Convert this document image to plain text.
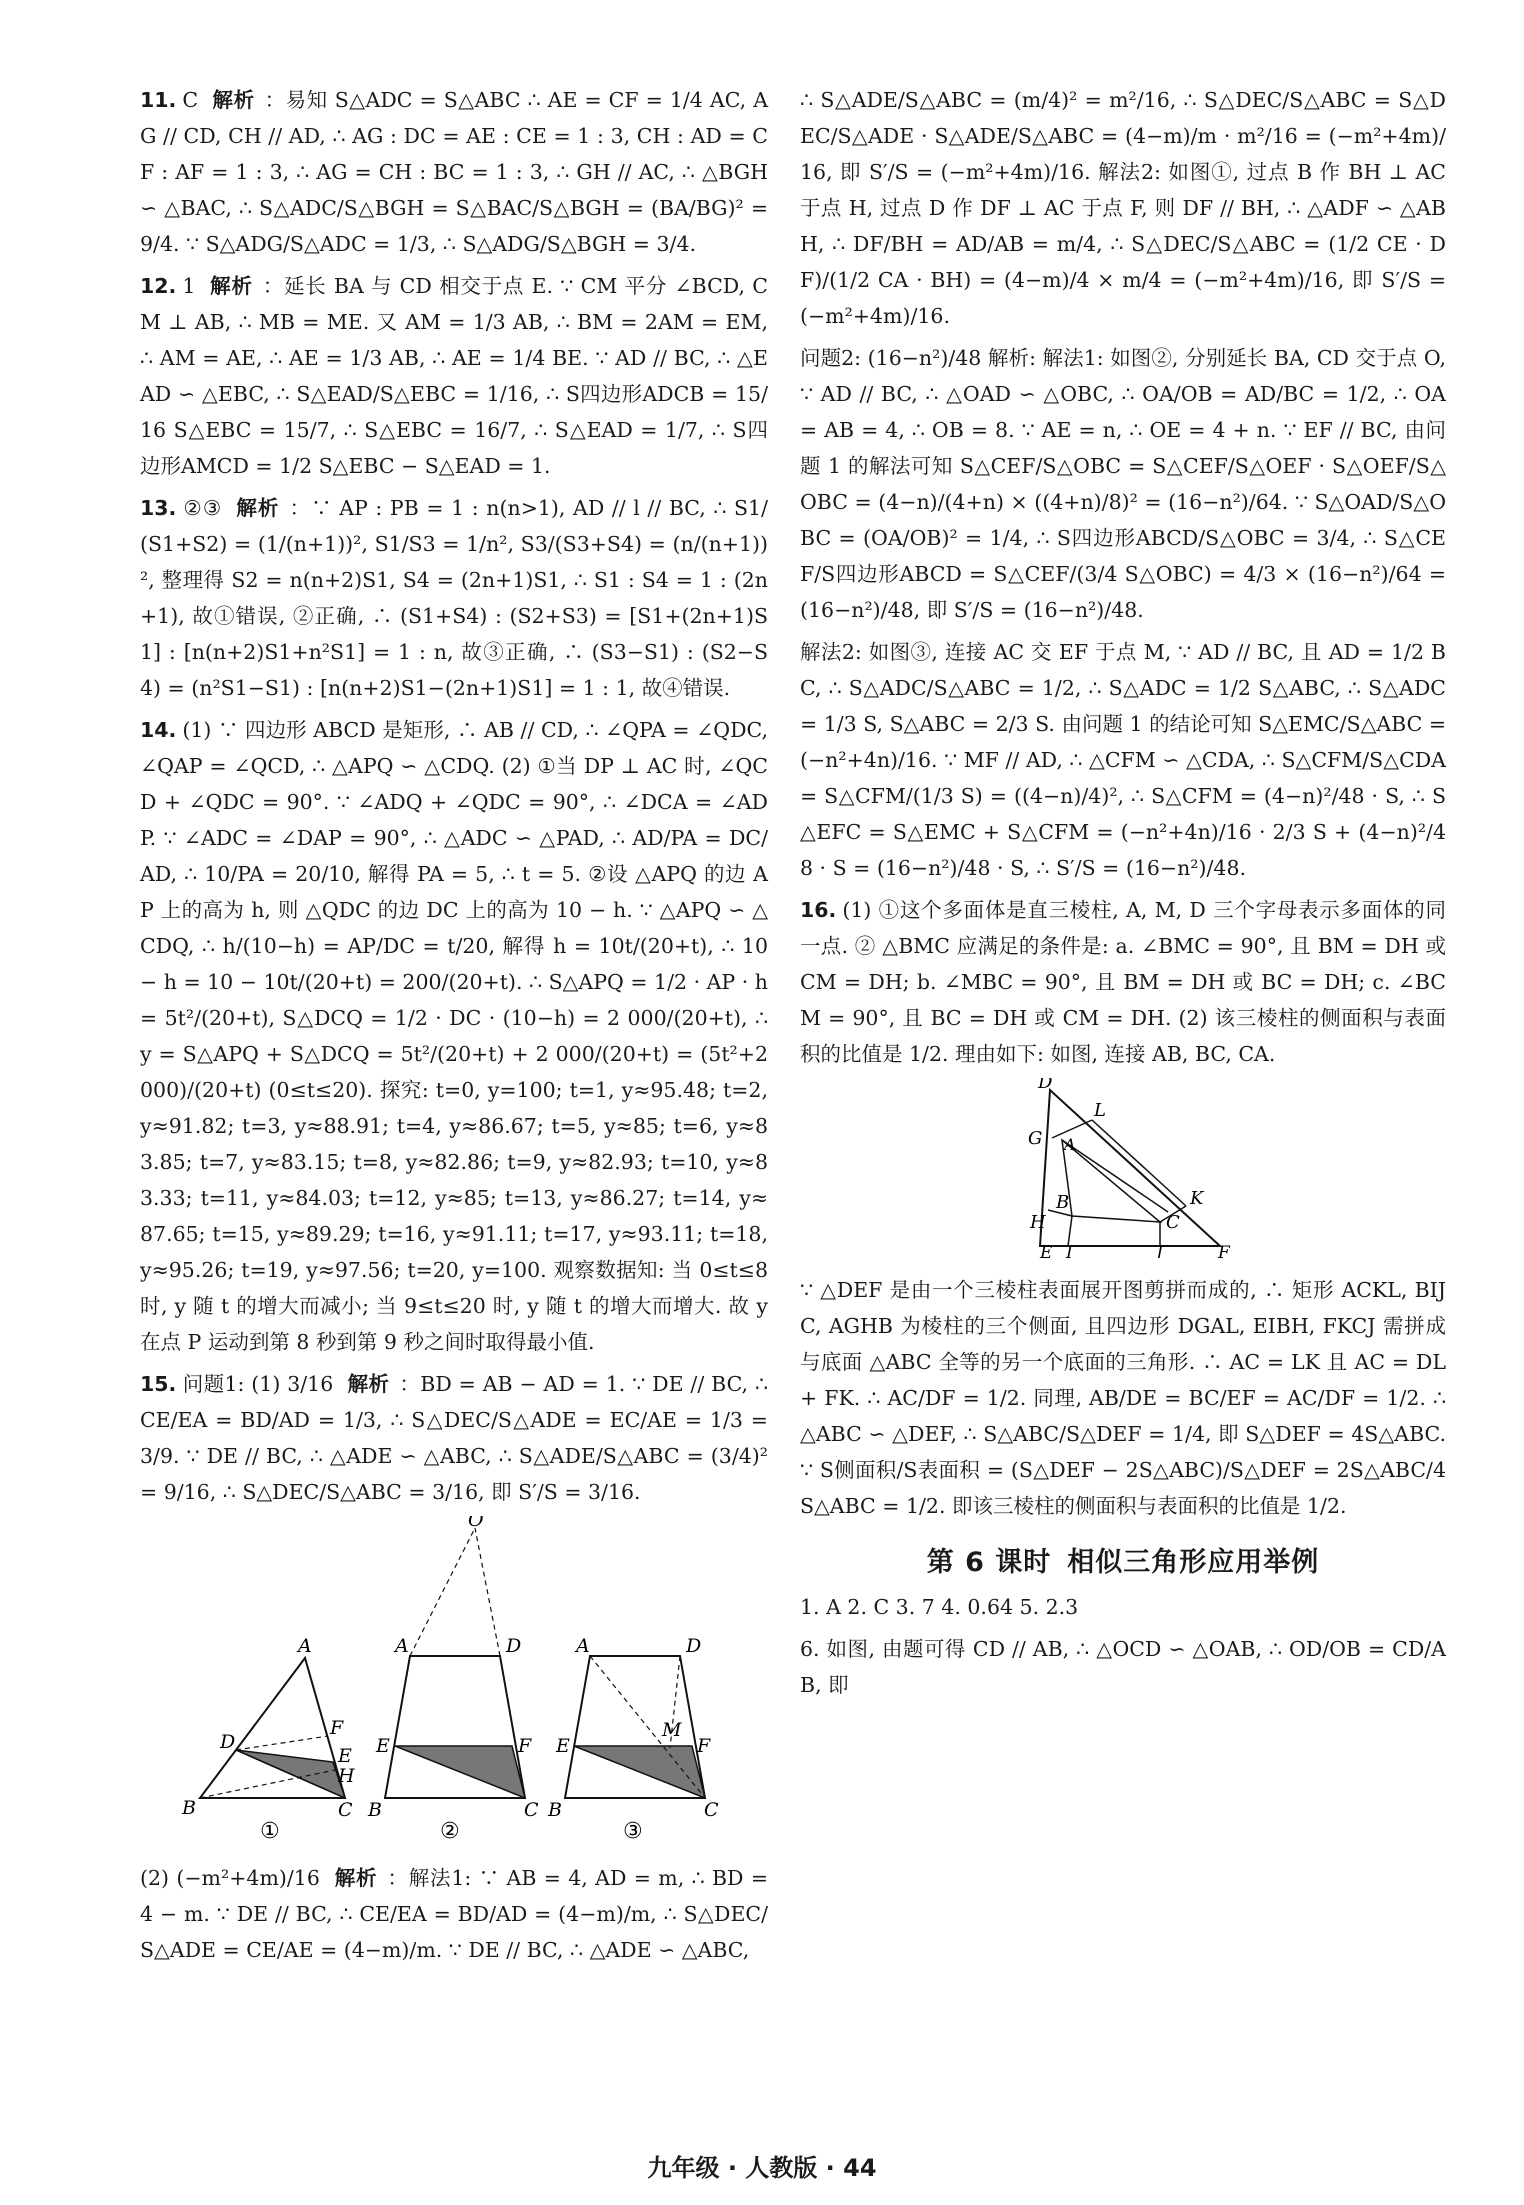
11. C 解析 ：易知 S△ADC = S△ABC ∴ AE = CF = 1/4 AC, AG // CD, CH // AD, ∴ AG : DC = AE : CE = 1 : 3, CH : AD = CF : AF = 1 : 3, ∴ AG = CH : BC = 1 : 3, ∴ GH // AC, ∴ △BGH ∽ △BAC, ∴ S△ADC/S△BGH = S△BAC/S△BGH = (BA/BG)² = 9/4. ∵ S△ADG/S△ADC = 1/3, ∴ S△ADG/S△BGH = 3/4.
12. 1 解析 ：延长 BA 与 CD 相交于点 E. ∵ CM 平分 ∠BCD, CM ⊥ AB, ∴ MB = ME. 又 AM = 1/3 AB, ∴ BM = 2AM = EM, ∴ AM = AE, ∴ AE = 1/3 AB, ∴ AE = 1/4 BE. ∵ AD // BC, ∴ △EAD ∽ △EBC, ∴ S△EAD/S△EBC = 1/16, ∴ S四边形ADCB = 15/16 S△EBC = 15/7, ∴ S△EBC = 16/7, ∴ S△EAD = 1/7, ∴ S四边形AMCD = 1/2 S△EBC − S△EAD = 1.
13. ②③ 解析 ：∵ AP : PB = 1 : n(n>1), AD // l // BC, ∴ S1/(S1+S2) = (1/(n+1))², S1/S3 = 1/n², S3/(S3+S4) = (n/(n+1))², 整理得 S2 = n(n+2)S1, S4 = (2n+1)S1, ∴ S1 : S4 = 1 : (2n+1), 故①错误, ②正确, ∴ (S1+S4) : (S2+S3) = [S1+(2n+1)S1] : [n(n+2)S1+n²S1] = 1 : n, 故③正确, ∴ (S3−S1) : (S2−S4) = (n²S1−S1) : [n(n+2)S1−(2n+1)S1] = 1 : 1, 故④错误.
14. (1) ∵ 四边形 ABCD 是矩形, ∴ AB // CD, ∴ ∠QPA = ∠QDC, ∠QAP = ∠QCD, ∴ △APQ ∽ △CDQ. (2) ①当 DP ⊥ AC 时, ∠QCD + ∠QDC = 90°. ∵ ∠ADQ + ∠QDC = 90°, ∴ ∠DCA = ∠ADP. ∵ ∠ADC = ∠DAP = 90°, ∴ △ADC ∽ △PAD, ∴ AD/PA = DC/AD, ∴ 10/PA = 20/10, 解得 PA = 5, ∴ t = 5. ②设 △APQ 的边 AP 上的高为 h, 则 △QDC 的边 DC 上的高为 10 − h. ∵ △APQ ∽ △CDQ, ∴ h/(10−h) = AP/DC = t/20, 解得 h = 10t/(20+t), ∴ 10 − h = 10 − 10t/(20+t) = 200/(20+t). ∴ S△APQ = 1/2 · AP · h = 5t²/(20+t), S△DCQ = 1/2 · DC · (10−h) = 2 000/(20+t), ∴ y = S△APQ + S△DCQ = 5t²/(20+t) + 2 000/(20+t) = (5t²+2 000)/(20+t) (0≤t≤20). 探究: t=0, y=100; t=1, y≈95.48; t=2, y≈91.82; t=3, y≈88.91; t=4, y≈86.67; t=5, y≈85; t=6, y≈83.85; t=7, y≈83.15; t=8, y≈82.86; t=9, y≈82.93; t=10, y≈83.33; t=11, y≈84.03; t=12, y≈85; t=13, y≈86.27; t=14, y≈87.65; t=15, y≈89.29; t=16, y≈91.11; t=17, y≈93.11; t=18, y≈95.26; t=19, y≈97.56; t=20, y=100. 观察数据知: 当 0≤t≤8 时, y 随 t 的增大而减小; 当 9≤t≤20 时, y 随 t 的增大而增大. 故 y 在点 P 运动到第 8 秒到第 9 秒之间时取得最小值.
15. 问题1: (1) 3/16 解析 ：BD = AB − AD = 1. ∵ DE // BC, ∴ CE/EA = BD/AD = 1/3, ∴ S△DEC/S△ADE = EC/AE = 1/3 = 3/9. ∵ DE // BC, ∴ △ADE ∽ △ABC, ∴ S△ADE/S△ABC = (3/4)² = 9/16, ∴ S△DEC/S△ABC = 3/16, 即 S′/S = 3/16.
A
B	C
D
E
F
H
①
O
A	D
E	F
B	C
②
A	D
E	F
M
B	C
③
(2) (−m²+4m)/16 解析 ：解法1: ∵ AB = 4, AD = m, ∴ BD = 4 − m. ∵ DE // BC, ∴ CE/EA = BD/AD = (4−m)/m, ∴ S△DEC/S△ADE = CE/AE = (4−m)/m. ∵ DE // BC, ∴ △ADE ∽ △ABC,
∴ S△ADE/S△ABC = (m/4)² = m²/16, ∴ S△DEC/S△ABC = S△DEC/S△ADE · S△ADE/S△ABC = (4−m)/m · m²/16 = (−m²+4m)/16, 即 S′/S = (−m²+4m)/16. 解法2: 如图①, 过点 B 作 BH ⊥ AC 于点 H, 过点 D 作 DF ⊥ AC 于点 F, 则 DF // BH, ∴ △ADF ∽ △ABH, ∴ DF/BH = AD/AB = m/4, ∴ S△DEC/S△ABC = (1/2 CE · DF)/(1/2 CA · BH) = (4−m)/4 × m/4 = (−m²+4m)/16, 即 S′/S = (−m²+4m)/16.
问题2: (16−n²)/48 解析: 解法1: 如图②, 分别延长 BA, CD 交于点 O, ∵ AD // BC, ∴ △OAD ∽ △OBC, ∴ OA/OB = AD/BC = 1/2, ∴ OA = AB = 4, ∴ OB = 8. ∵ AE = n, ∴ OE = 4 + n. ∵ EF // BC, 由问题 1 的解法可知 S△CEF/S△OBC = S△CEF/S△OEF · S△OEF/S△OBC = (4−n)/(4+n) × ((4+n)/8)² = (16−n²)/64. ∵ S△OAD/S△OBC = (OA/OB)² = 1/4, ∴ S四边形ABCD/S△OBC = 3/4, ∴ S△CEF/S四边形ABCD = S△CEF/(3/4 S△OBC) = 4/3 × (16−n²)/64 = (16−n²)/48, 即 S′/S = (16−n²)/48.
解法2: 如图③, 连接 AC 交 EF 于点 M, ∵ AD // BC, 且 AD = 1/2 BC, ∴ S△ADC/S△ABC = 1/2, ∴ S△ADC = 1/2 S△ABC, ∴ S△ADC = 1/3 S, S△ABC = 2/3 S. 由问题 1 的结论可知 S△EMC/S△ABC = (−n²+4n)/16. ∵ MF // AD, ∴ △CFM ∽ △CDA, ∴ S△CFM/S△CDA = S△CFM/(1/3 S) = ((4−n)/4)², ∴ S△CFM = (4−n)²/48 · S, ∴ S△EFC = S△EMC + S△CFM = (−n²+4n)/16 · 2/3 S + (4−n)²/48 · S = (16−n²)/48 · S, ∴ S′/S = (16−n²)/48.
16. (1) ①这个多面体是直三棱柱, A, M, D 三个字母表示多面体的同一点. ② △BMC 应满足的条件是: a. ∠BMC = 90°, 且 BM = DH 或 CM = DH; b. ∠MBC = 90°, 且 BM = DH 或 BC = DH; c. ∠BCM = 90°, 且 BC = DH 或 CM = DH. (2) 该三棱柱的侧面积与表面积的比值是 1/2. 理由如下: 如图, 连接 AB, BC, CA.
D
L
G A
K
B
C
H
E I	J	F
∵ △DEF 是由一个三棱柱表面展开图剪拼而成的, ∴ 矩形 ACKL, BIJC, AGHB 为棱柱的三个侧面, 且四边形 DGAL, EIBH, FKCJ 需拼成与底面 △ABC 全等的另一个底面的三角形. ∴ AC = LK 且 AC = DL + FK. ∴ AC/DF = 1/2. 同理, AB/DE = BC/EF = AC/DF = 1/2. ∴ △ABC ∽ △DEF, ∴ S△ABC/S△DEF = 1/4, 即 S△DEF = 4S△ABC. ∵ S侧面积/S表面积 = (S△DEF − 2S△ABC)/S△DEF = 2S△ABC/4S△ABC = 1/2. 即该三棱柱的侧面积与表面积的比值是 1/2.
第 6 课时 相似三角形应用举例
1. A 2. C 3. 7 4. 0.64 5. 2.3
6. 如图, 由题可得 CD // AB, ∴ △OCD ∽ △OAB, ∴ OD/OB = CD/AB, 即
九年级 · 人教版 · 44
